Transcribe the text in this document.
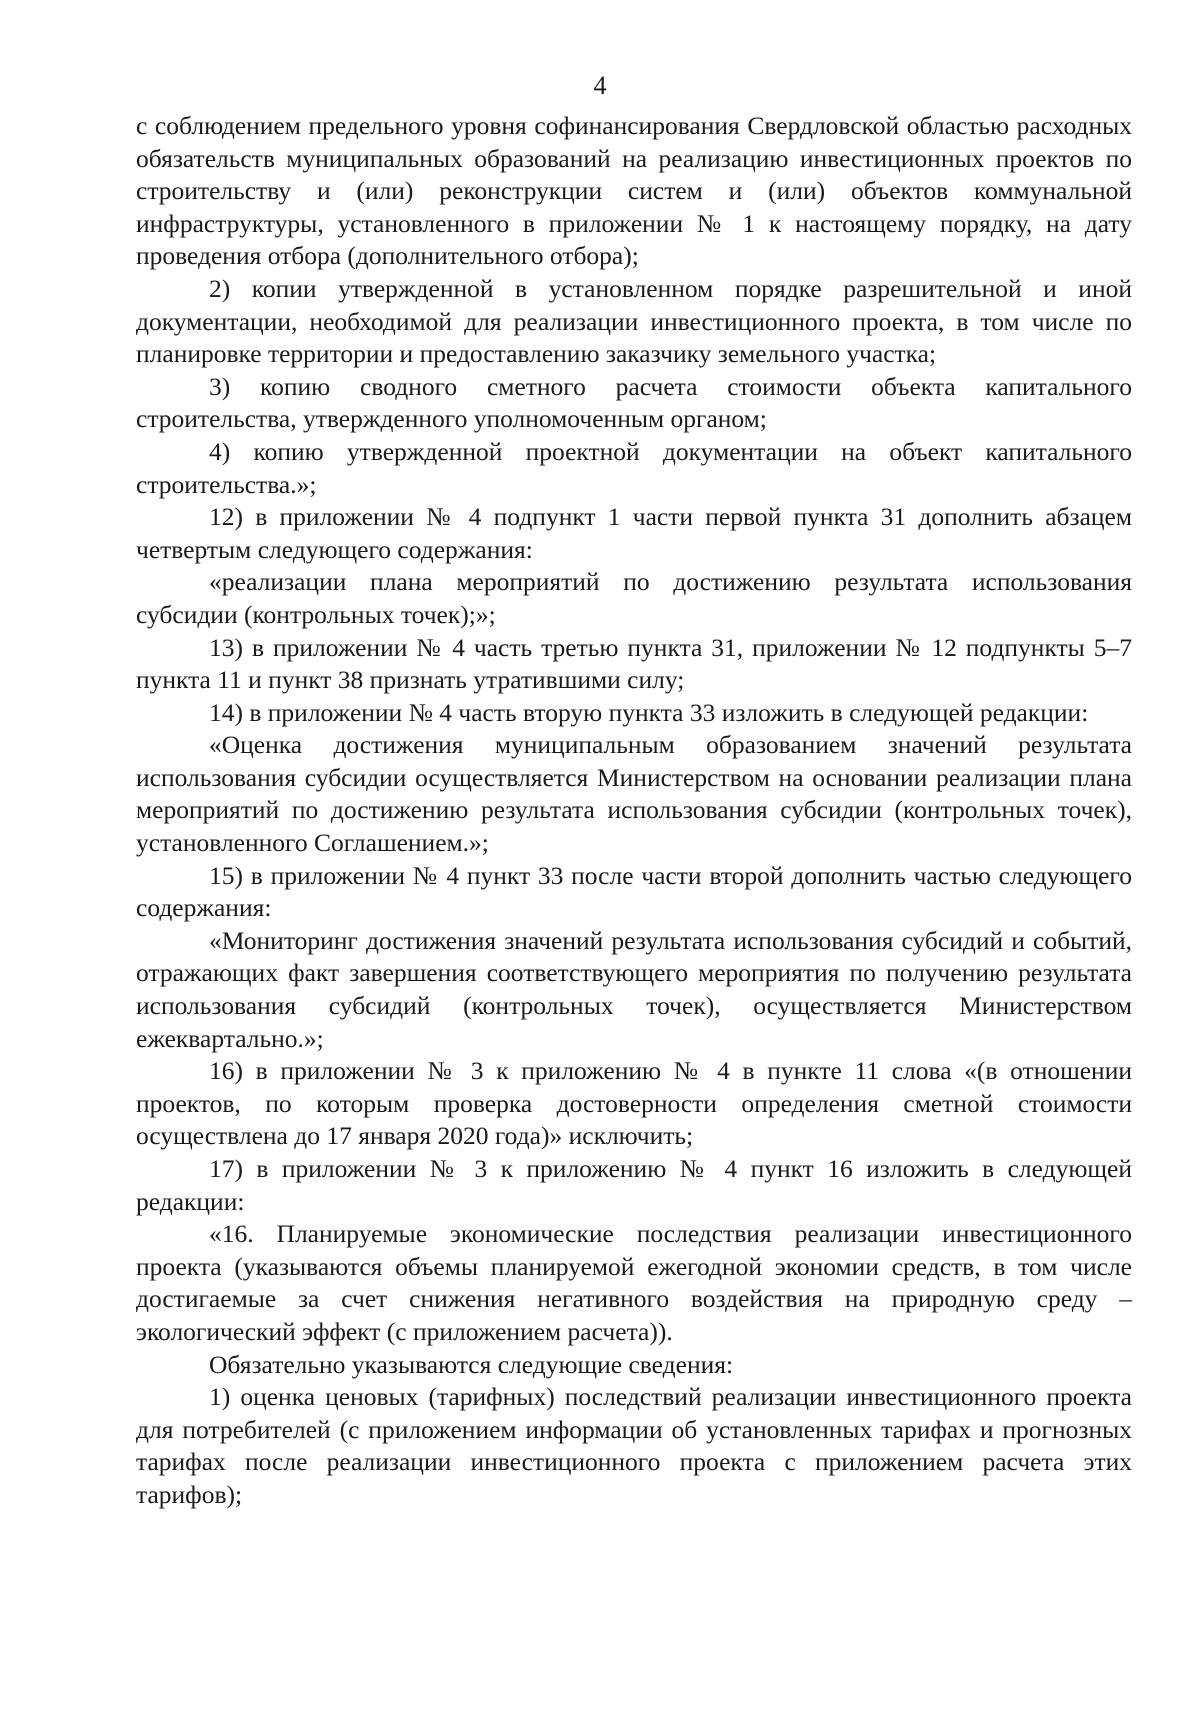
4

с соблюдением предельного уровня софинансирования Свердловской областью расходных обязательств муниципальных образований на реализацию инвестиционных проектов по строительству и (или) реконструкции систем и (или) объектов коммунальной инфраструктуры, установленного в приложении № 1 к настоящему порядку, на дату проведения отбора (дополнительного отбора);

2) копии утвержденной в установленном порядке разрешительной и иной документации, необходимой для реализации инвестиционного проекта, в том числе по планировке территории и предоставлению заказчику земельного участка;

3) копию сводного сметного расчета стоимости объекта капитального строительства, утвержденного уполномоченным органом;

4) копию утвержденной проектной документации на объект капитального строительства.»;

12) в приложении № 4 подпункт 1 части первой пункта 31 дополнить абзацем четвертым следующего содержания:

«реализации плана мероприятий по достижению результата использования субсидии (контрольных точек);»;

13) в приложении № 4 часть третью пункта 31, приложении № 12 подпункты 5–7 пункта 11 и пункт 38 признать утратившими силу;

14) в приложении № 4 часть вторую пункта 33 изложить в следующей редакции:

«Оценка достижения муниципальным образованием значений результата использования субсидии осуществляется Министерством на основании реализации плана мероприятий по достижению результата использования субсидии (контрольных точек), установленного Соглашением.»;

15) в приложении № 4 пункт 33 после части второй дополнить частью следующего содержания:

«Мониторинг достижения значений результата использования субсидий и событий, отражающих факт завершения соответствующего мероприятия по получению результата использования субсидий (контрольных точек), осуществляется Министерством ежеквартально.»;

16) в приложении № 3 к приложению № 4 в пункте 11 слова «(в отношении проектов, по которым проверка достоверности определения сметной стоимости осуществлена до 17 января 2020 года)» исключить;

17) в приложении № 3 к приложению № 4 пункт 16 изложить в следующей редакции:

«16. Планируемые экономические последствия реализации инвестиционного проекта (указываются объемы планируемой ежегодной экономии средств, в том числе достигаемые за счет снижения негативного воздействия на природную среду – экологический эффект (с приложением расчета)).

Обязательно указываются следующие сведения:

1) оценка ценовых (тарифных) последствий реализации инвестиционного проекта для потребителей (с приложением информации об установленных тарифах и прогнозных тарифах после реализации инвестиционного проекта с приложением расчета этих тарифов);
